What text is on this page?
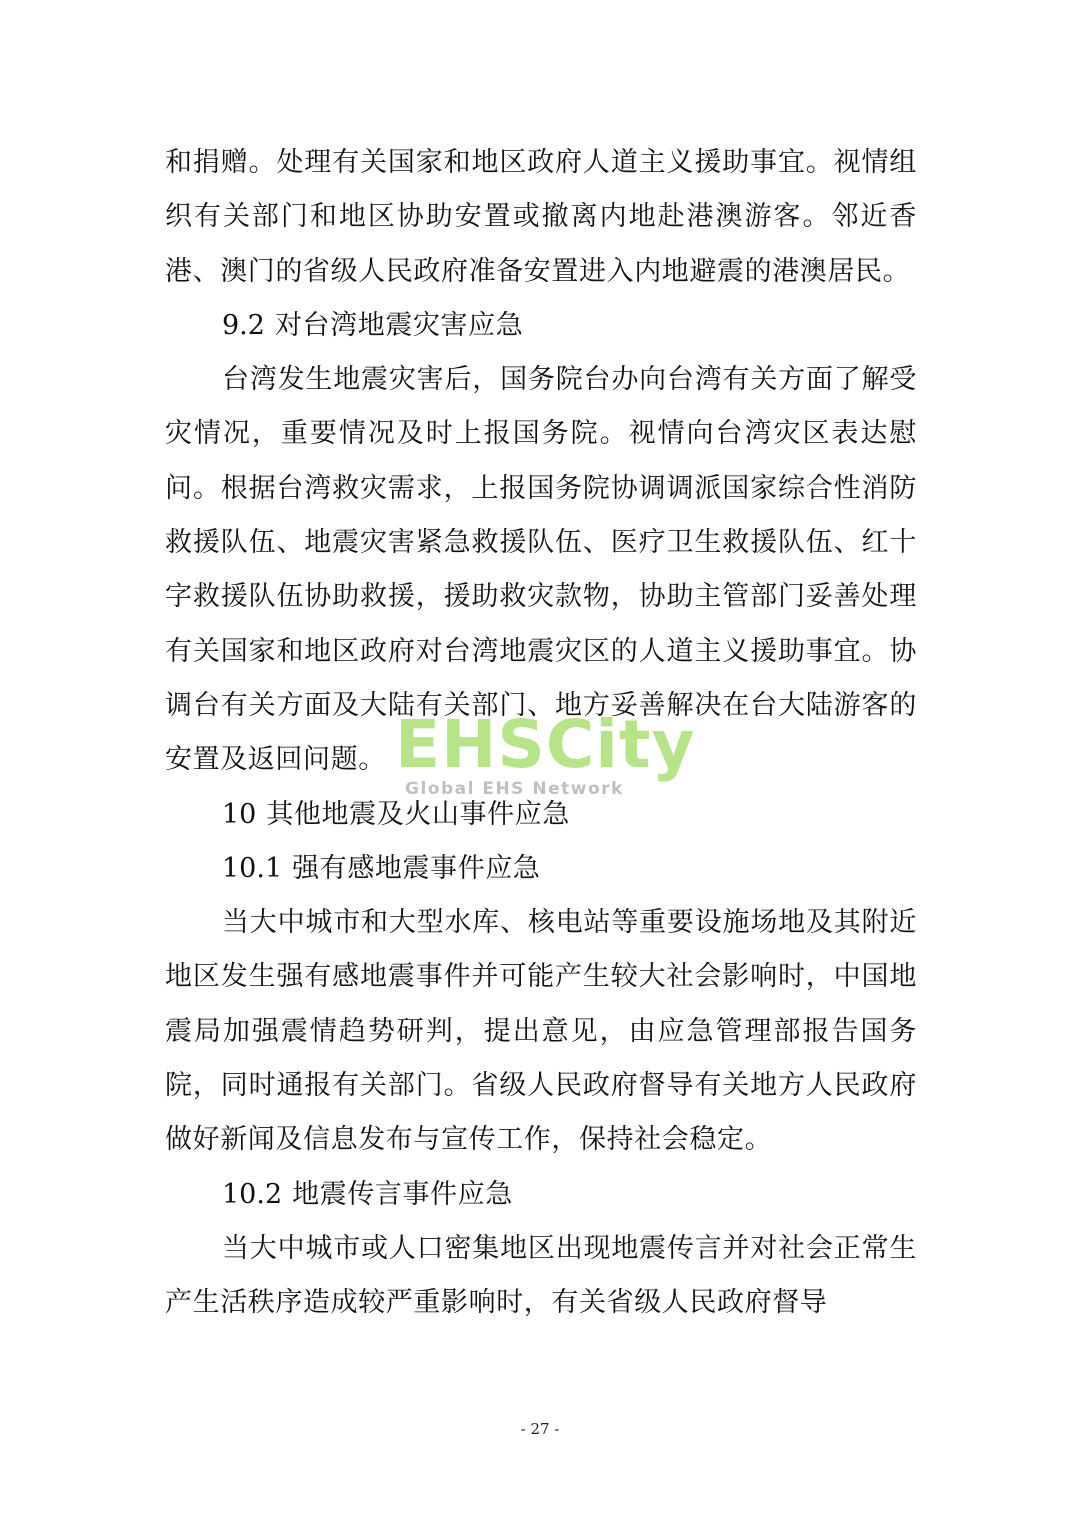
和捐赠。处理有关国家和地区政府人道主义援助事宜。视情组织有关部门和地区协助安置或撤离内地赴港澳游客。邻近香港、澳门的省级人民政府准备安置进入内地避震的港澳居民。

9.2 对台湾地震灾害应急

台湾发生地震灾害后，国务院台办向台湾有关方面了解受灾情况，重要情况及时上报国务院。视情向台湾灾区表达慰问。根据台湾救灾需求，上报国务院协调调派国家综合性消防救援队伍、地震灾害紧急救援队伍、医疗卫生救援队伍、红十字救援队伍协助救援，援助救灾款物，协助主管部门妥善处理有关国家和地区政府对台湾地震灾区的人道主义援助事宜。协调台有关方面及大陆有关部门、地方妥善解决在台大陆游客的安置及返回问题。

10 其他地震及火山事件应急

10.1 强有感地震事件应急

当大中城市和大型水库、核电站等重要设施场地及其附近地区发生强有感地震事件并可能产生较大社会影响时，中国地震局加强震情趋势研判，提出意见，由应急管理部报告国务院，同时通报有关部门。省级人民政府督导有关地方人民政府做好新闻及信息发布与宣传工作，保持社会稳定。

10.2 地震传言事件应急

当大中城市或人口密集地区出现地震传言并对社会正常生产生活秩序造成较严重影响时，有关省级人民政府督导

EHSCity
Global EHS Network
- 27 -
